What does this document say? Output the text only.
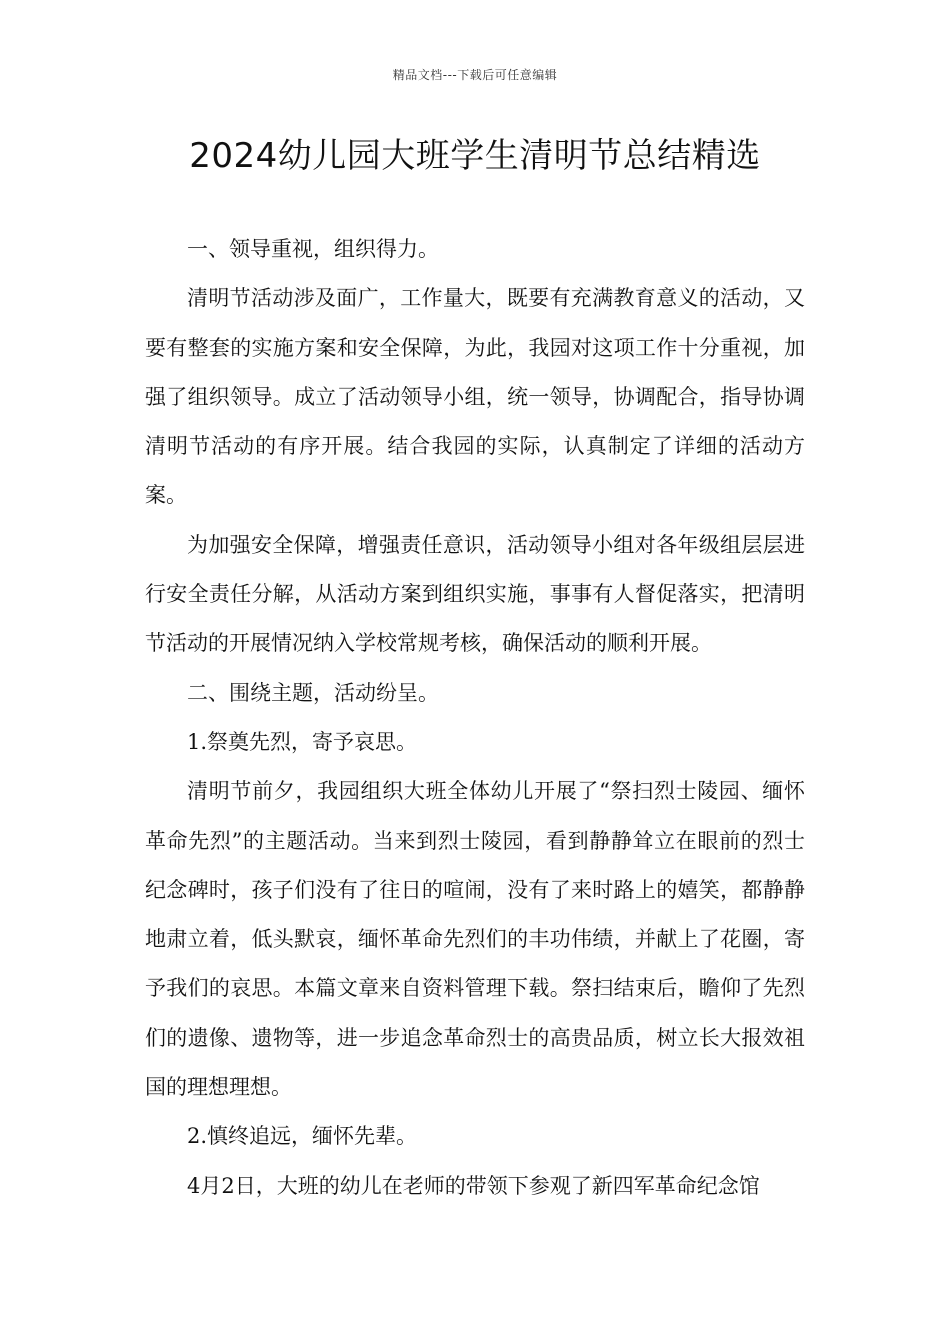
精品文档---下载后可任意编辑
2024幼儿园大班学生清明节总结精选

一、领导重视，组织得力。

清明节活动涉及面广，工作量大，既要有充满教育意义的活动，又要有整套的实施方案和安全保障，为此，我园对这项工作十分重视，加强了组织领导。成立了活动领导小组，统一领导，协调配合，指导协调清明节活动的有序开展。结合我园的实际，认真制定了详细的活动方案。

为加强安全保障，增强责任意识，活动领导小组对各年级组层层进行安全责任分解，从活动方案到组织实施，事事有人督促落实，把清明节活动的开展情况纳入学校常规考核，确保活动的顺利开展。

二、围绕主题，活动纷呈。

1.祭奠先烈，寄予哀思。

清明节前夕，我园组织大班全体幼儿开展了“祭扫烈士陵园、缅怀革命先烈”的主题活动。当来到烈士陵园，看到静静耸立在眼前的烈士纪念碑时，孩子们没有了往日的喧闹，没有了来时路上的嬉笑，都静静地肃立着，低头默哀，缅怀革命先烈们的丰功伟绩，并献上了花圈，寄予我们的哀思。本篇文章来自资料管理下载。祭扫结束后，瞻仰了先烈们的遗像、遗物等，进一步追念革命烈士的高贵品质，树立长大报效祖国的理想理想。

2.慎终追远，缅怀先辈。

4月2日，大班的幼儿在老师的带领下参观了新四军革命纪念馆
